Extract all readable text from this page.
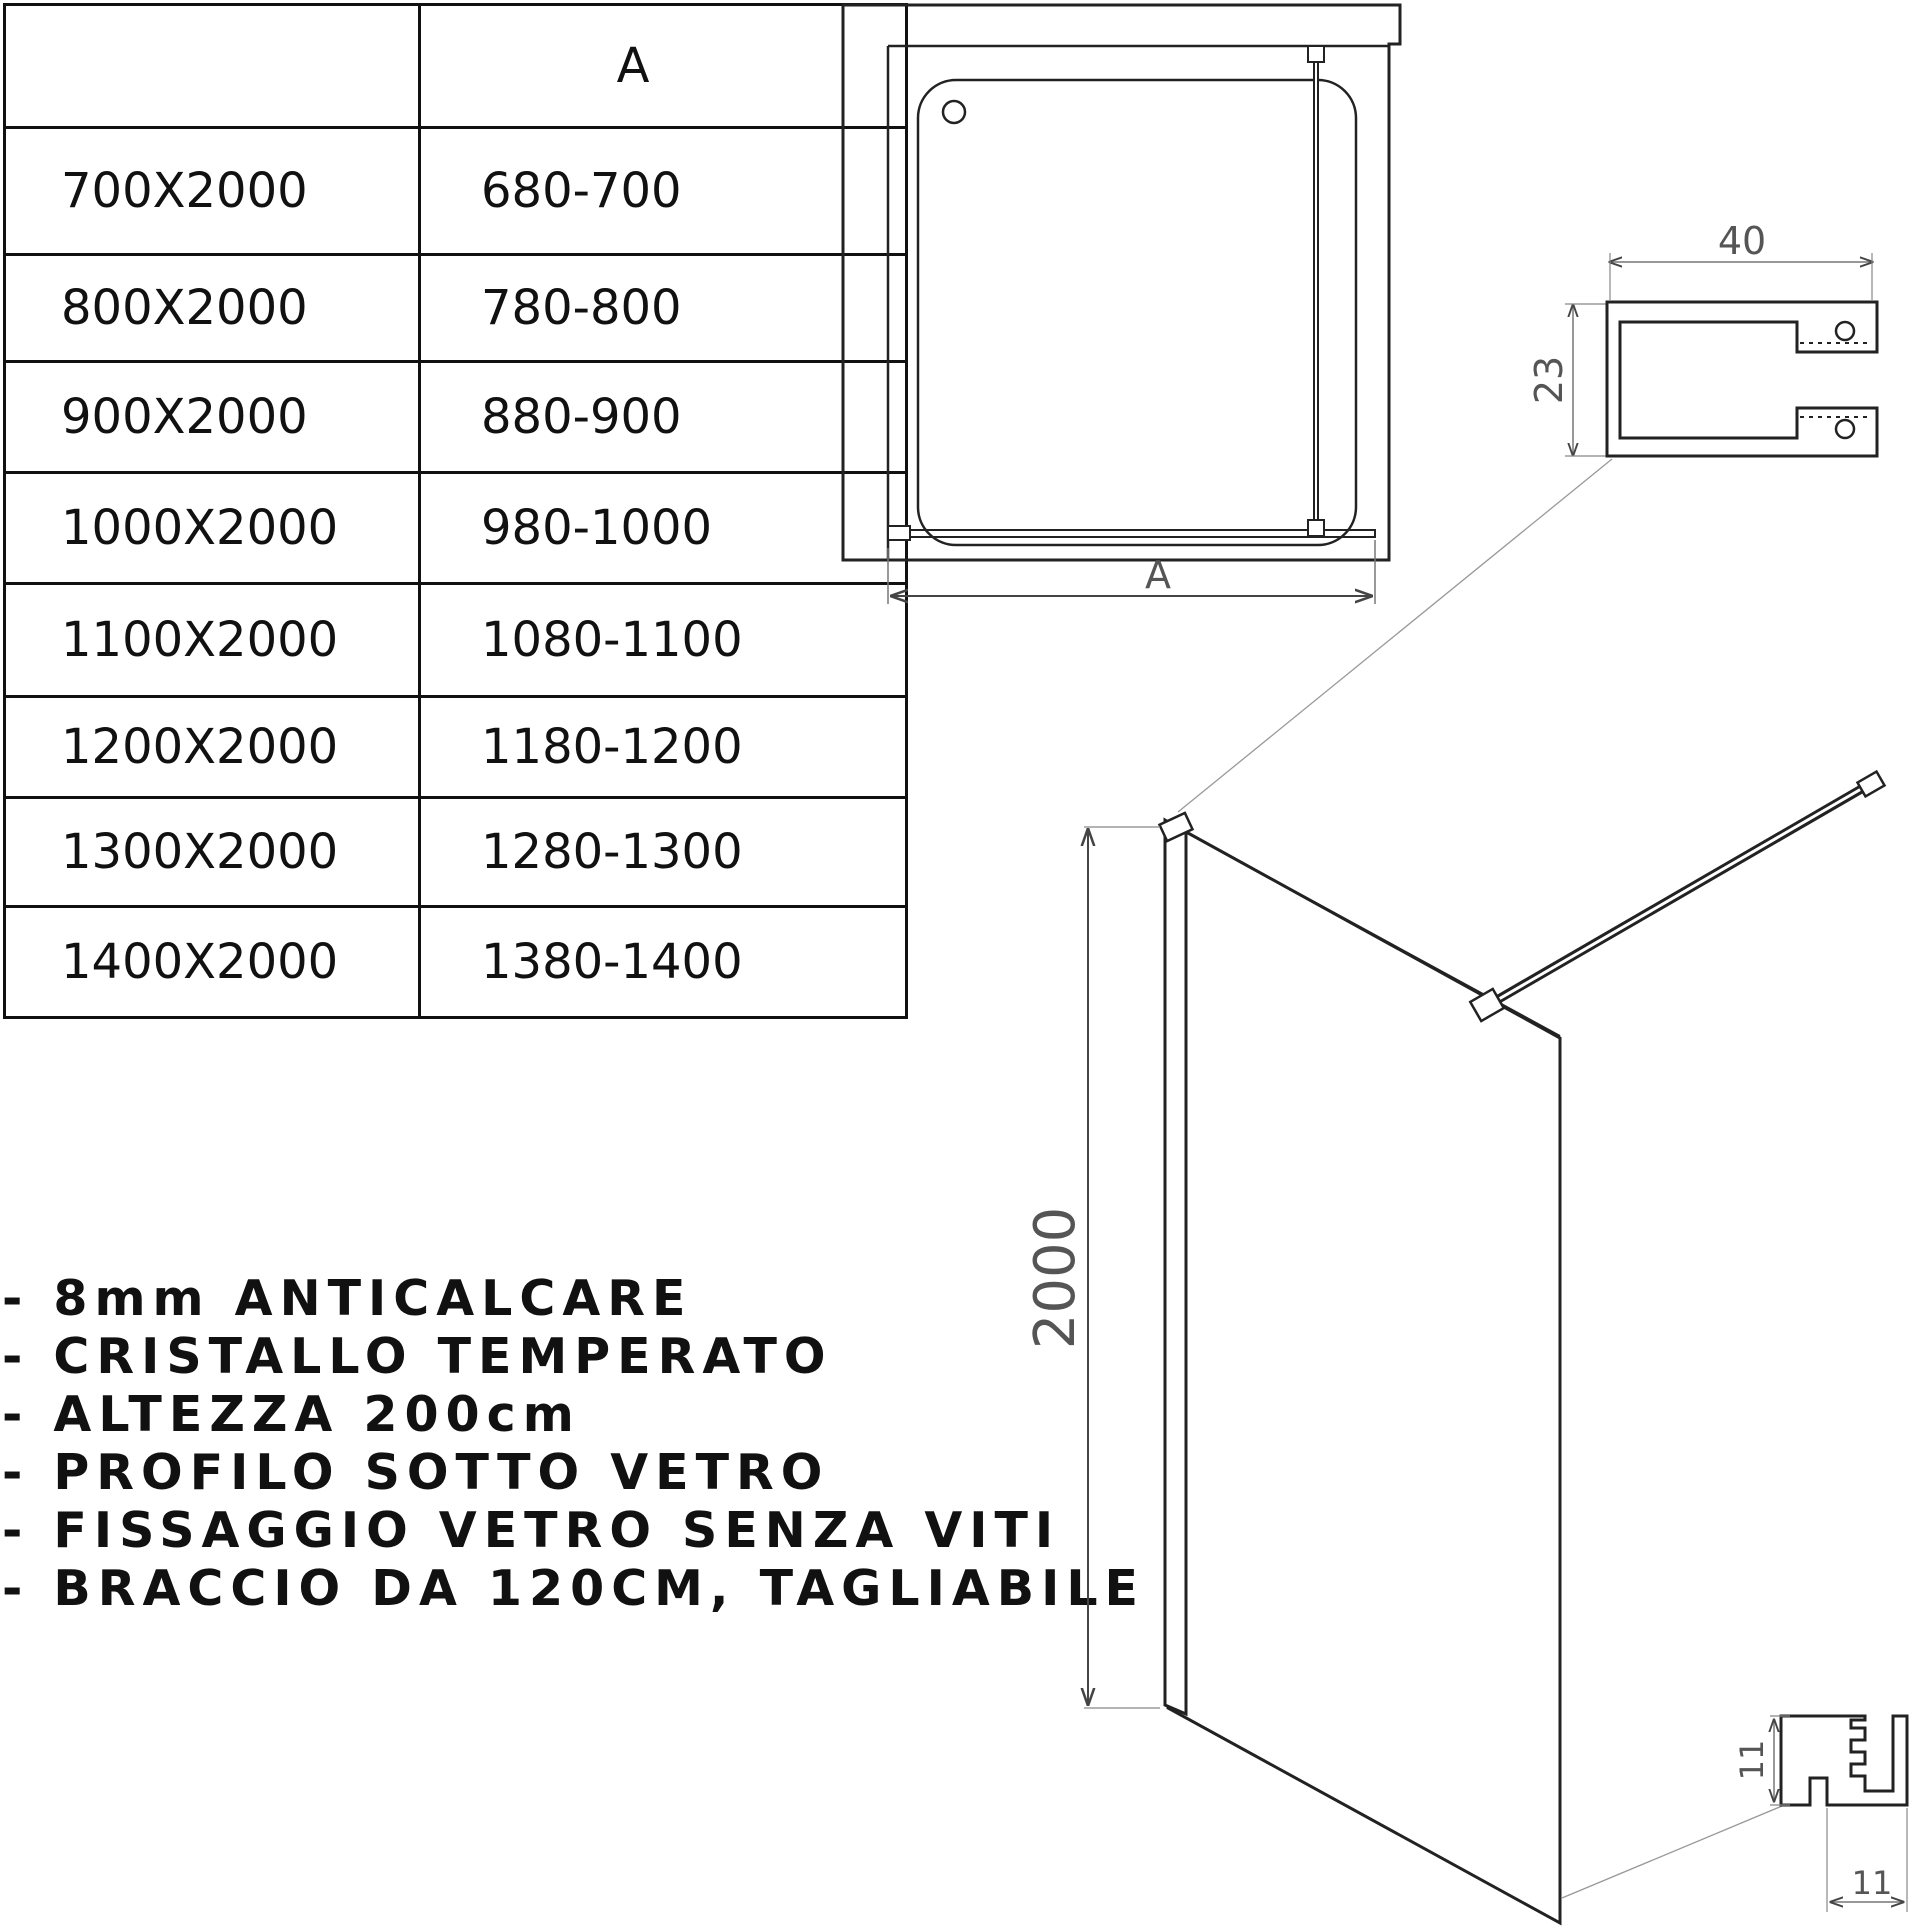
	A
700X2000	680-700
800X2000	780-800
900X2000	880-900
1000X2000	980-1000
1100X2000	1080-1100
1200X2000	1180-1200
1300X2000	1280-1300
1400X2000	1380-1400
- 8mm ANTICALCARE
- CRISTALLO TEMPERATO
- ALTEZZA 200cm
- PROFILO SOTTO VETRO
- FISSAGGIO VETRO SENZA VITI
- BRACCIO DA 120CM, TAGLIABILE
A
40
23
2000
11
11
